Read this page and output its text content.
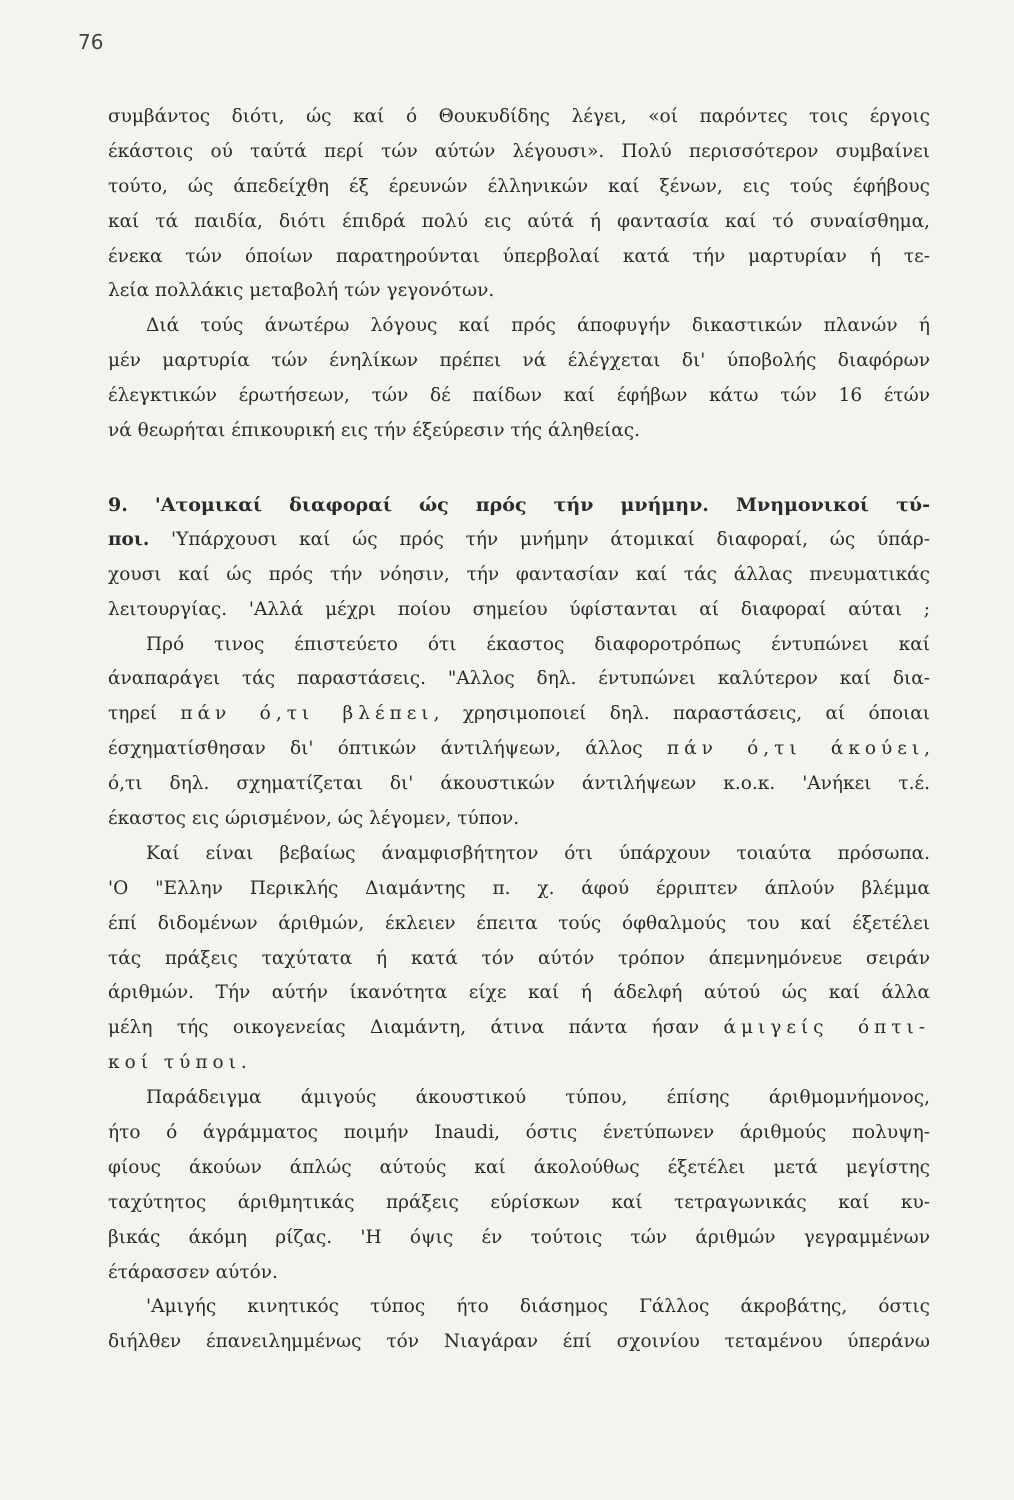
76
συμβάντος διότι, ώς καί ό Θουκυδίδης λέγει, «οί παρόντες τοις έργοις
έκάστοις ού ταύτά περί τών αύτών λέγουσι». Πολύ περισσότερον συμβαίνει
τούτο, ώς άπεδείχθη έξ έρευνών έλληνικών καί ξένων, εις τούς έφήβους
καί τά παιδία, διότι έπιδρά πολύ εις αύτά ή φαντασία καί τό συναίσθημα,
ένεκα τών όποίων παρατηρούνται ύπερβολαί κατά τήν μαρτυρίαν ή τε-
λεία πολλάκις μεταβολή τών γεγονότων.
Διά τούς άνωτέρω λόγους καί πρός άποφυγήν δικαστικών πλανών ή
μέν μαρτυρία τών ένηλίκων πρέπει νά έλέγχεται δι' ύποβολής διαφόρων
έλεγκτικών έρωτήσεων, τών δέ παίδων καί έφήβων κάτω τών 16 έτών
νά θεωρήται έπικουρική εις τήν έξεύρεσιν τής άληθείας.
9. 'Ατομικαί διαφοραί ώς πρός τήν μνήμην. Μνημονικοί τύ-
ποι. 'Υπάρχουσι καί ώς πρός τήν μνήμην άτομικαί διαφοραί, ώς ύπάρ-
χουσι καί ώς πρός τήν νόησιν, τήν φαντασίαν καί τάς άλλας πνευματικάς
λειτουργίας. 'Αλλά μέχρι ποίου σημείου ύφίστανται αί διαφοραί αύται ;
Πρό τινος έπιστεύετο ότι έκαστος διαφοροτρόπως έντυπώνει καί
άναπαράγει τάς παραστάσεις. "Αλλος δηλ. έντυπώνει καλύτερον καί δια-
τηρεί πάν ό,τι βλέπει, χρησιμοποιεί δηλ. παραστάσεις, αί όποιαι
έσχηματίσθησαν δι' όπτικών άντιλήψεων, άλλος πάν ό,τι άκούει,
ό,τι δηλ. σχηματίζεται δι' άκουστικών άντιλήψεων κ.ο.κ. 'Ανήκει τ.έ.
έκαστος εις ώρισμένον, ώς λέγομεν, τύπον.
Καί είναι βεβαίως άναμφισβήτητον ότι ύπάρχουν τοιαύτα πρόσωπα.
'Ο "Ελλην Περικλής Διαμάντης π. χ. άφού έρριπτεν άπλούν βλέμμα
έπί διδομένων άριθμών, έκλειεν έπειτα τούς όφθαλμούς του καί έξετέλει
τάς πράξεις ταχύτατα ή κατά τόν αύτόν τρόπον άπεμνημόνευε σειράν
άριθμών. Τήν αύτήν ίκανότητα είχε καί ή άδελφή αύτού ώς καί άλλα
μέλη τής οικογενείας Διαμάντη, άτινα πάντα ήσαν άμιγείς όπτι-
κοί τύποι.
Παράδειγμα άμιγούς άκουστικού τύπου, έπίσης άριθμομνήμονος,
ήτο ό άγράμματος ποιμήν Inaudi, όστις ένετύπωνεν άριθμούς πολυψη-
φίους άκούων άπλώς αύτούς καί άκολούθως έξετέλει μετά μεγίστης
ταχύτητος άριθμητικάς πράξεις εύρίσκων καί τετραγωνικάς καί κυ-
βικάς άκόμη ρίζας. 'Η όψις έν τούτοις τών άριθμών γεγραμμένων
έτάρασσεν αύτόν.
'Αμιγής κινητικός τύπος ήτο διάσημος Γάλλος άκροβάτης, όστις
διήλθεν έπανειλημμένως τόν Νιαγάραν έπί σχοινίου τεταμένου ύπεράνω
